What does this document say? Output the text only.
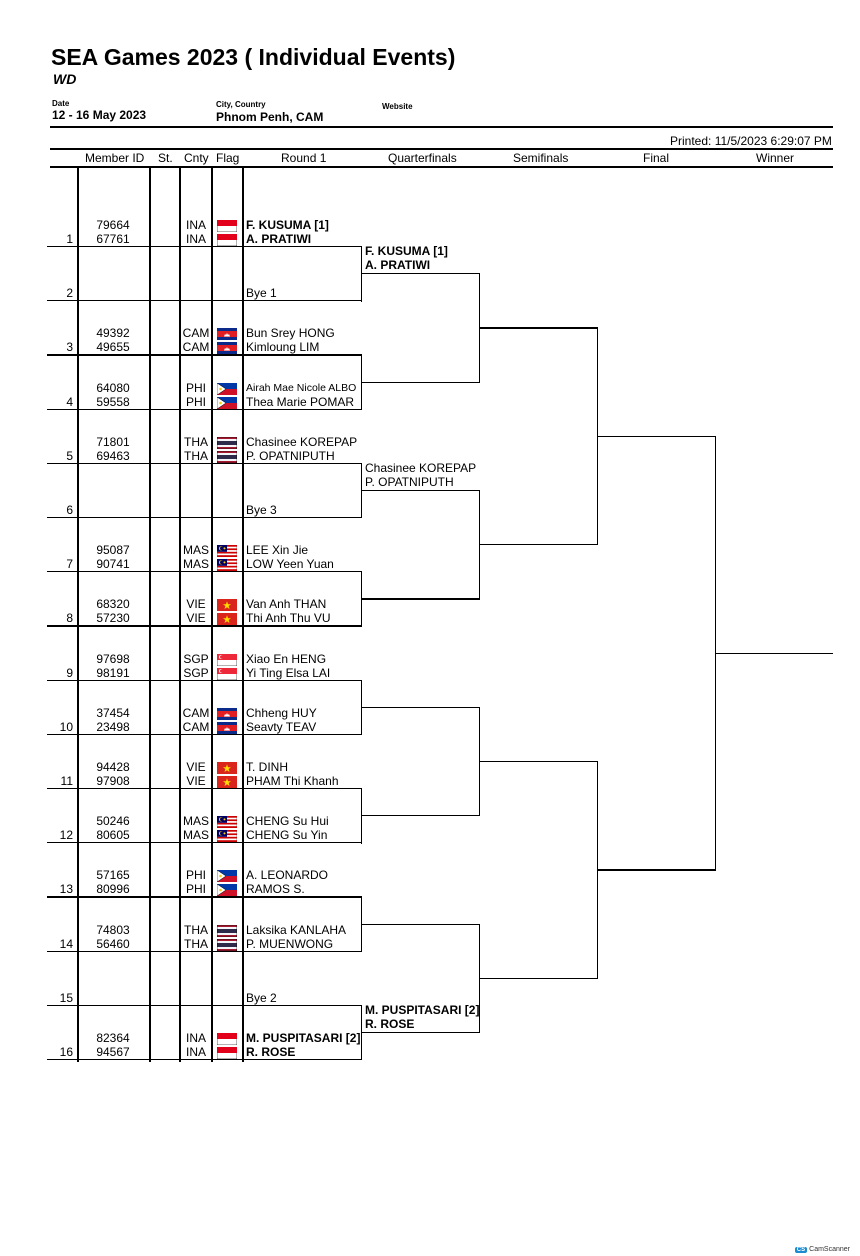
SEA Games 2023 ( Individual Events)
WD
Date
12 - 16 May 2023
City, Country
Phnom Penh, CAM
Website
Printed: 11/5/2023 6:29:07 PM
Member ID St. Cnty Flag	Round 1	Quarterfinals	Semifinals	Final	Winner
1
79664	INA	F. KUSUMA [1]
67761	INA	A. PRATIWI
2	Bye 1
3
49392	CAM	Bun Srey HONG
49655	CAM	Kimloung LIM
4
64080	PHI	Airah Mae Nicole ALBO
59558	PHI	Thea Marie POMAR
5
71801	THA	Chasinee KOREPAP
69463	THA	P. OPATNIPUTH
6	Bye 3
7
95087	MAS	LEE Xin Jie
90741	MAS	LOW Yeen Yuan
8
68320	VIE	Van Anh THAN
57230	VIE	Thi Anh Thu VU
9
97698	SGP	Xiao En HENG
98191	SGP	Yi Ting Elsa LAI
10
37454	CAM	Chheng HUY
23498	CAM	Seavty TEAV
11
94428	VIE	T. DINH
97908	VIE	PHAM Thi Khanh
12
50246	MAS	CHENG Su Hui
80605	MAS	CHENG Su Yin
13
57165	PHI	A. LEONARDO
80996	PHI	RAMOS S.
14
74803	THA	Laksika KANLAHA
56460	THA	P. MUENWONG
15	Bye 2
16
82364	INA	M. PUSPITASARI [2]
94567	INA	R. ROSE
F. KUSUMA [1]
A. PRATIWI
Chasinee KOREPAP
P. OPATNIPUTH
M. PUSPITASARI [2]
R. ROSE
CS CamScanner
